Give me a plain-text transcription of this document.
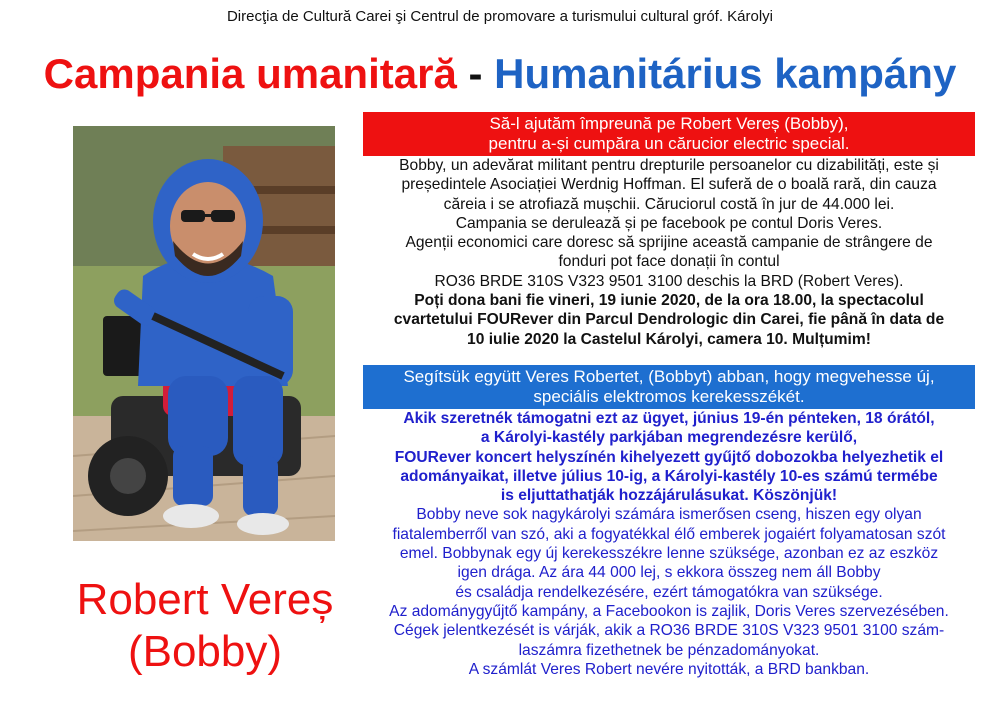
Direcţia de Cultură Carei şi Centrul de promovare a turismului cultural gróf. Károlyi
Campania umanitară - Humanitárius kampány
Robert Vereș
(Bobby)
Să-l ajutăm împreună pe Robert Vereș (Bobby),
pentru a-și cumpăra un cărucior electric special.
Bobby, un adevărat militant pentru drepturile persoanelor cu dizabilități, este și
președintele Asociației Werdnig Hoffman. El suferă de o boală rară, din cauza
căreia i se atrofiază mușchii. Căruciorul costă în jur de 44.000 lei.
Campania se derulează și pe facebook pe contul Doris Veres.
Agenții economici care doresc să sprijine această campanie de strângere de
fonduri pot face donații în contul
RO36 BRDE 310S V323 9501 3100 deschis la BRD (Robert Veres).
Poți dona bani fie vineri, 19 iunie 2020, de la ora 18.00, la spectacolul
cvartetului FOURever din Parcul Dendrologic din Carei, fie până în data de
10 iulie 2020 la Castelul Károlyi, camera 10. Mulțumim!
Segítsük együtt Veres Robertet, (Bobbyt) abban, hogy megvehesse új,
speciális elektromos kerekesszékét.
Akik szeretnék támogatni ezt az ügyet, június 19-én pénteken, 18 órától,
a Károlyi-kastély parkjában megrendezésre kerülő,
FOURever koncert helyszínén kihelyezett gyűjtő dobozokba helyezhetik el
adományaikat, illetve július 10-ig, a Károlyi-kastély 10-es számú termébe
is eljuttathatják hozzájárulásukat. Köszönjük!
Bobby neve sok nagykárolyi számára ismerősen cseng, hiszen egy olyan
fiatalemberről van szó, aki a fogyatékkal élő emberek jogaiért folyamatosan szót
emel. Bobbynak egy új kerekesszékre lenne szüksége, azonban ez az eszköz
igen drága. Az ára 44 000 lej, s ekkora összeg nem áll Bobby
és családja rendelkezésére, ezért támogatókra van szüksége.
Az adománygyűjtő kampány, a Facebookon is zajlik, Doris Veres szervezésében.
Cégek jelentkezését is várják, akik a RO36 BRDE 310S V323 9501 3100 szám-
laszámra fizethetnek be pénzadományokat.
A számlát Veres Robert nevére nyitották, a BRD bankban.
